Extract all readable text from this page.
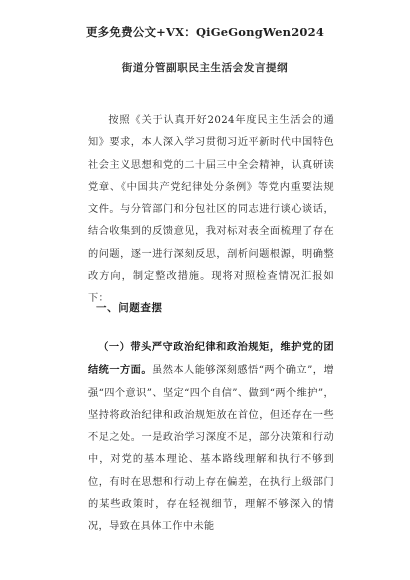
更多免费公文+VX：QiGeGongWen2024
街道分管副职民主生活会发言提纲
按照《关于认真开好2024年度民主生活会的通知》要求，本人深入学习贯彻习近平新时代中国特色社会主义思想和党的二十届三中全会精神，认真研读党章、《中国共产党纪律处分条例》等党内重要法规文件。与分管部门和分包社区的同志进行谈心谈话，结合收集到的反馈意见，我对标对表全面梳理了存在的问题，逐一进行深刻反思，剖析问题根源，明确整改方向，制定整改措施。现将对照检查情况汇报如下：
一、问题查摆
（一）带头严守政治纪律和政治规矩，维护党的团结统一方面。虽然本人能够深刻感悟“两个确立”，增强“四个意识”、坚定“四个自信”、做到“两个维护”，坚持将政治纪律和政治规矩放在首位，但还存在一些不足之处。一是政治学习深度不足，部分决策和行动中，对党的基本理论、基本路线理解和执行不够到位，有时在思想和行动上存在偏差，在执行上级部门的某些政策时，存在轻视细节，理解不够深入的情况，导致在具体工作中未能
